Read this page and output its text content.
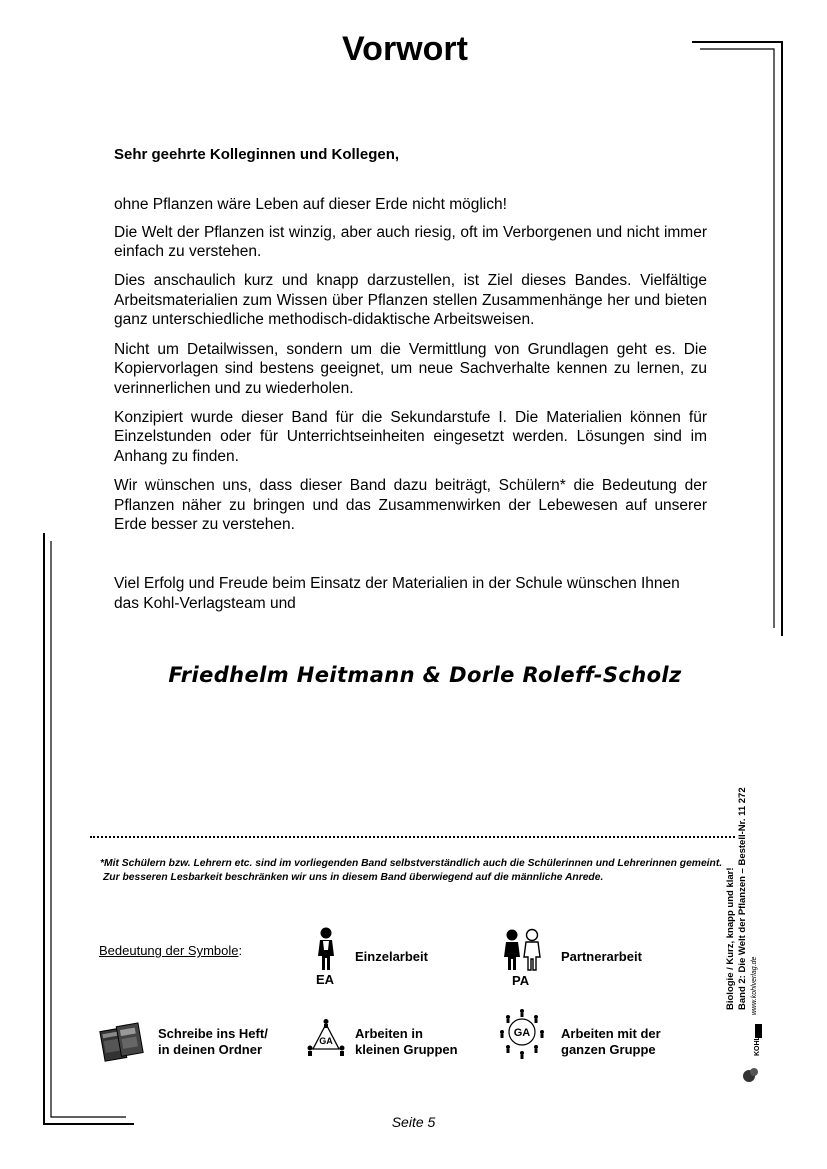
Vorwort
Sehr geehrte Kolleginnen und Kollegen,

ohne Pflanzen wäre Leben auf dieser Erde nicht möglich!

Die Welt der Pflanzen ist winzig, aber auch riesig, oft im Verborgenen und nicht immer einfach zu verstehen.

Dies anschaulich kurz und knapp darzustellen, ist Ziel dieses Bandes. Vielfältige Arbeitsmaterialien zum Wissen über Pflanzen stellen Zusammenhänge her und bieten ganz unterschiedliche methodisch-didaktische Arbeitsweisen.

Nicht um Detailwissen, sondern um die Vermittlung von Grundlagen geht es. Die Kopiervorlagen sind bestens geeignet, um neue Sachverhalte kennen zu lernen, zu verinnerlichen und zu wiederholen.

Konzipiert wurde dieser Band für die Sekundarstufe I. Die Materialien können für Einzelstunden oder für Unterrichtseinheiten eingesetzt werden. Lösungen sind im Anhang zu finden.

Wir wünschen uns, dass dieser Band dazu beiträgt, Schülern* die Bedeutung der Pflanzen näher zu bringen und das Zusammenwirken der Lebewesen auf unserer Erde besser zu verstehen.

Viel Erfolg und Freude beim Einsatz der Materialien in der Schule wünschen Ihnen

das Kohl-Verlagsteam und

Friedhelm Heitmann & Dorle Roleff-Scholz

*Mit Schülern bzw. Lehrern etc. sind im vorliegenden Band selbstverständlich auch die Schülerinnen und Lehrerinnen gemeint.

Zur besseren Lesbarkeit beschränken wir uns in diesem Band überwiegend auf die männliche Anrede.

Bedeutung der Symbole:
EA
Einzelarbeit
PA
Partnerarbeit
Schreibe ins Heft/
in deinen Ordner
GA Arbeiten in
kleinen Gruppen
GA Arbeiten mit der
ganzen Gruppe
Biologie / Kurz, knapp und klar! Band 2: Die Welt der Pflanzen – Bestell-Nr. 11 272 www.kohlverlag.de
KOHL
Seite 5
